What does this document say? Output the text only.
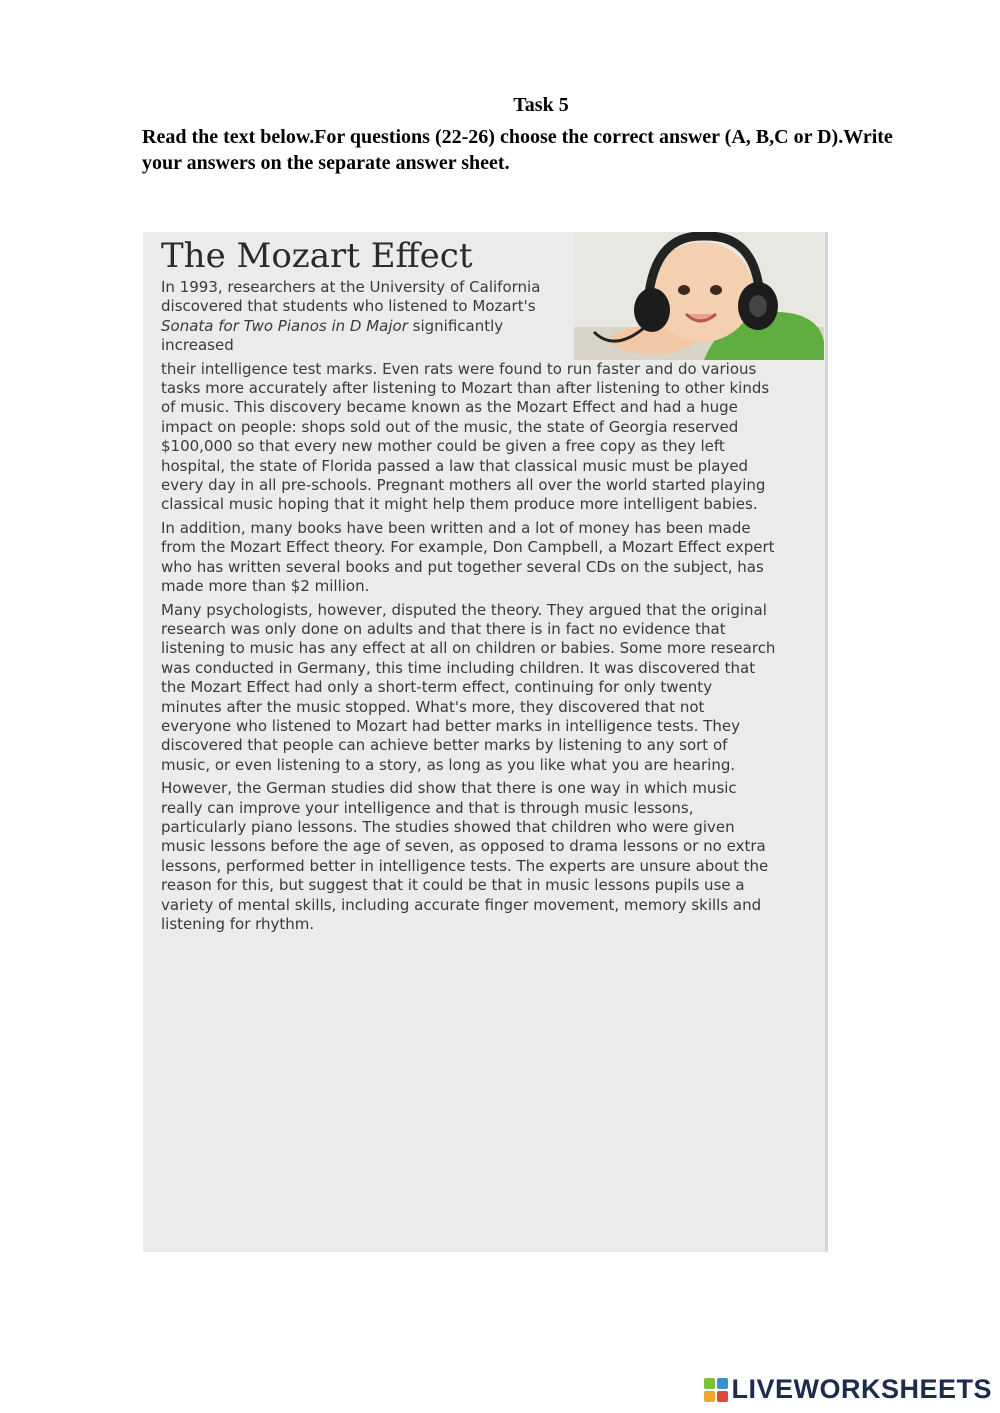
Task 5

Read the text below.For questions (22-26) choose the correct answer (A, B,C or D).Write your answers on the separate answer sheet.

The Mozart Effect

In 1993, researchers at the University of California discovered that students who listened to Mozart's Sonata for Two Pianos in D Major significantly increased

their intelligence test marks. Even rats were found to run faster and do various tasks more accurately after listening to Mozart than after listening to other kinds of music. This discovery became known as the Mozart Effect and had a huge impact on people: shops sold out of the music, the state of Georgia reserved $100,000 so that every new mother could be given a free copy as they left hospital, the state of Florida passed a law that classical music must be played every day in all pre-schools. Pregnant mothers all over the world started playing classical music hoping that it might help them produce more intelligent babies.

In addition, many books have been written and a lot of money has been made from the Mozart Effect theory. For example, Don Campbell, a Mozart Effect expert who has written several books and put together several CDs on the subject, has made more than $2 million.

Many psychologists, however, disputed the theory. They argued that the original research was only done on adults and that there is in fact no evidence that listening to music has any effect at all on children or babies. Some more research was conducted in Germany, this time including children. It was discovered that the Mozart Effect had only a short-term effect, continuing for only twenty minutes after the music stopped. What's more, they discovered that not everyone who listened to Mozart had better marks in intelligence tests. They discovered that people can achieve better marks by listening to any sort of music, or even listening to a story, as long as you like what you are hearing.

However, the German studies did show that there is one way in which music really can improve your intelligence and that is through music lessons, particularly piano lessons. The studies showed that children who were given music lessons before the age of seven, as opposed to drama lessons or no extra lessons, performed better in intelligence tests. The experts are unsure about the reason for this, but suggest that it could be that in music lessons pupils use a variety of mental skills, including accurate finger movement, memory skills and listening for rhythm.

LIVEWORKSHEETS
